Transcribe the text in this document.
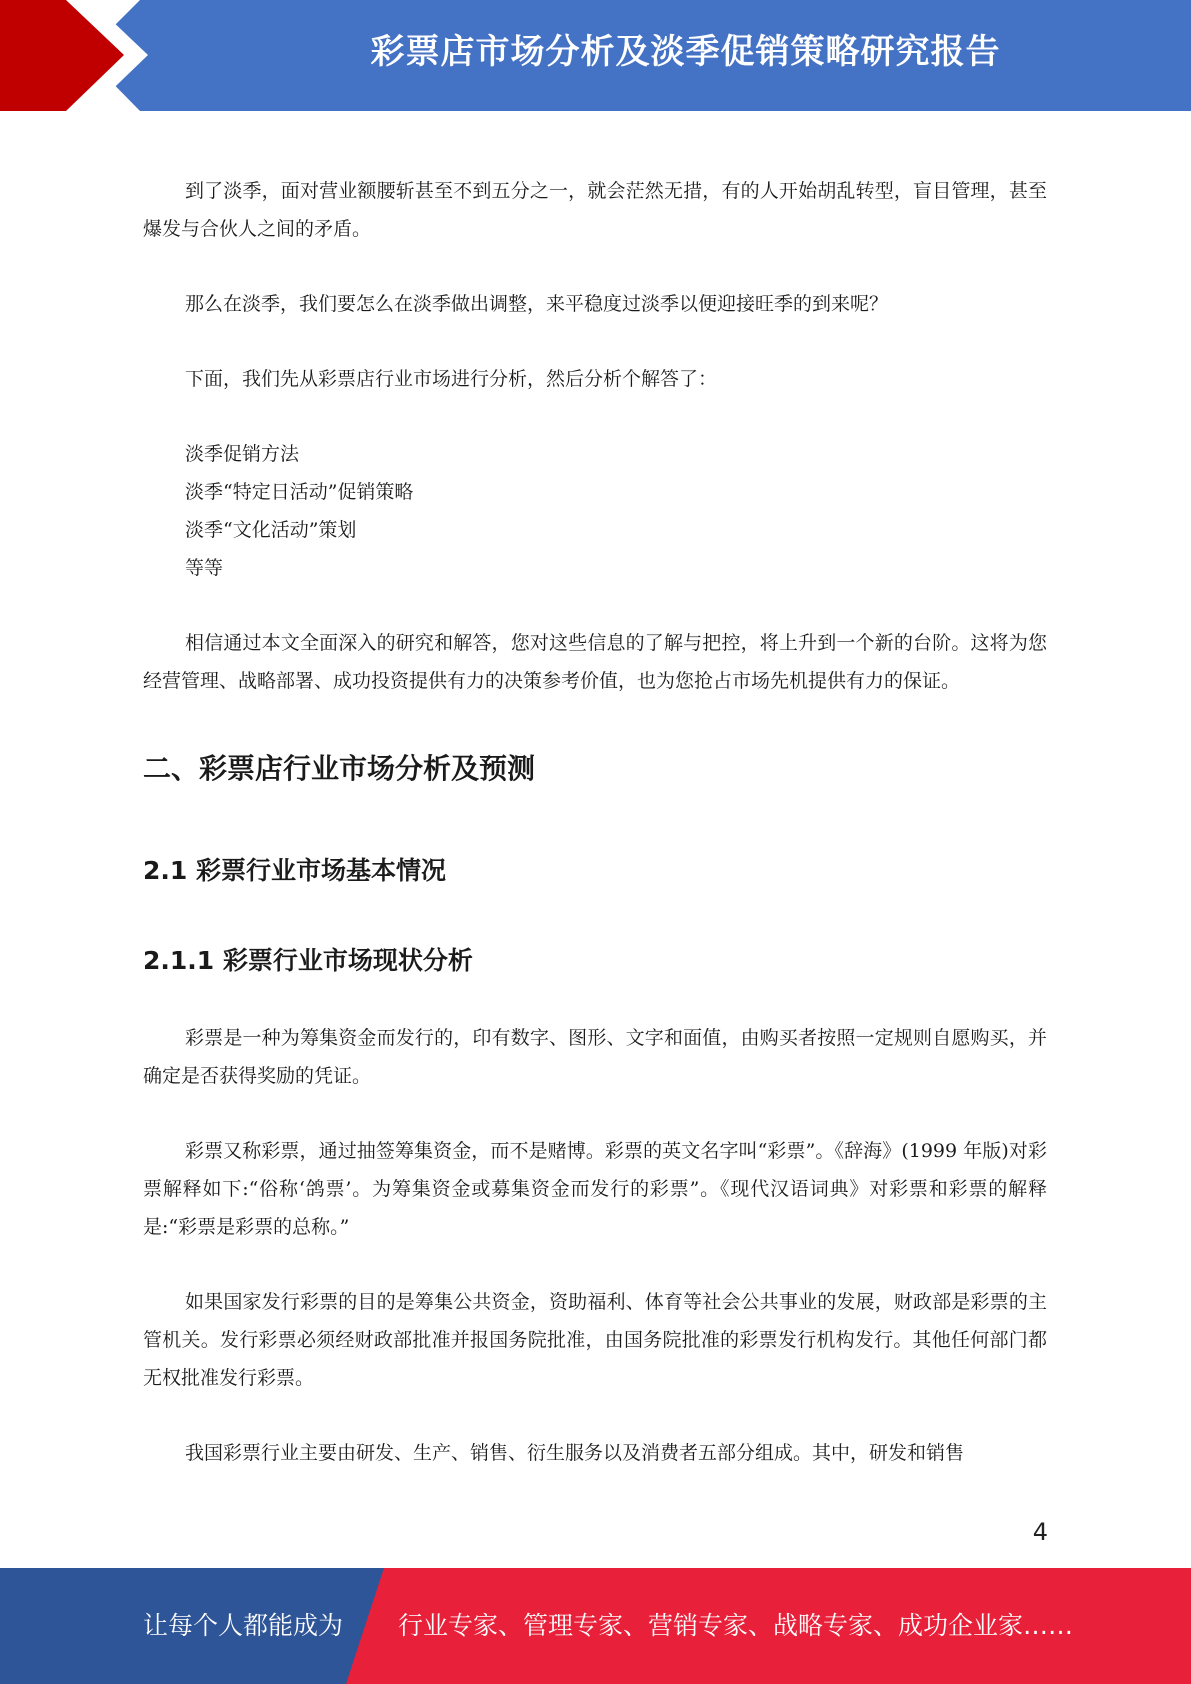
彩票店市场分析及淡季促销策略研究报告

到了淡季，面对营业额腰斩甚至不到五分之一，就会茫然无措，有的人开始胡乱转型，盲目管理，甚至爆发与合伙人之间的矛盾。

那么在淡季，我们要怎么在淡季做出调整，来平稳度过淡季以便迎接旺季的到来呢？

下面，我们先从彩票店行业市场进行分析，然后分析个解答了：

淡季促销方法
淡季“特定日活动”促销策略
淡季“文化活动”策划
等等

相信通过本文全面深入的研究和解答，您对这些信息的了解与把控，将上升到一个新的台阶。这将为您经营管理、战略部署、成功投资提供有力的决策参考价值，也为您抢占市场先机提供有力的保证。

二、彩票店行业市场分析及预测
2.1 彩票行业市场基本情况
2.1.1 彩票行业市场现状分析

彩票是一种为筹集资金而发行的，印有数字、图形、文字和面值，由购买者按照一定规则自愿购买，并确定是否获得奖励的凭证。

彩票又称彩票，通过抽签筹集资金，而不是赌博。彩票的英文名字叫“彩票”。《辞海》(1999 年版)对彩票解释如下:“俗称‘鸽票’。为筹集资金或募集资金而发行的彩票”。《现代汉语词典》对彩票和彩票的解释是:“彩票是彩票的总称。”

如果国家发行彩票的目的是筹集公共资金，资助福利、体育等社会公共事业的发展，财政部是彩票的主管机关。发行彩票必须经财政部批准并报国务院批准，由国务院批准的彩票发行机构发行。其他任何部门都无权批准发行彩票。

我国彩票行业主要由研发、生产、销售、衍生服务以及消费者五部分组成。其中，研发和销售

4
让每个人都能成为 行业专家、管理专家、营销专家、战略专家、成功企业家……
